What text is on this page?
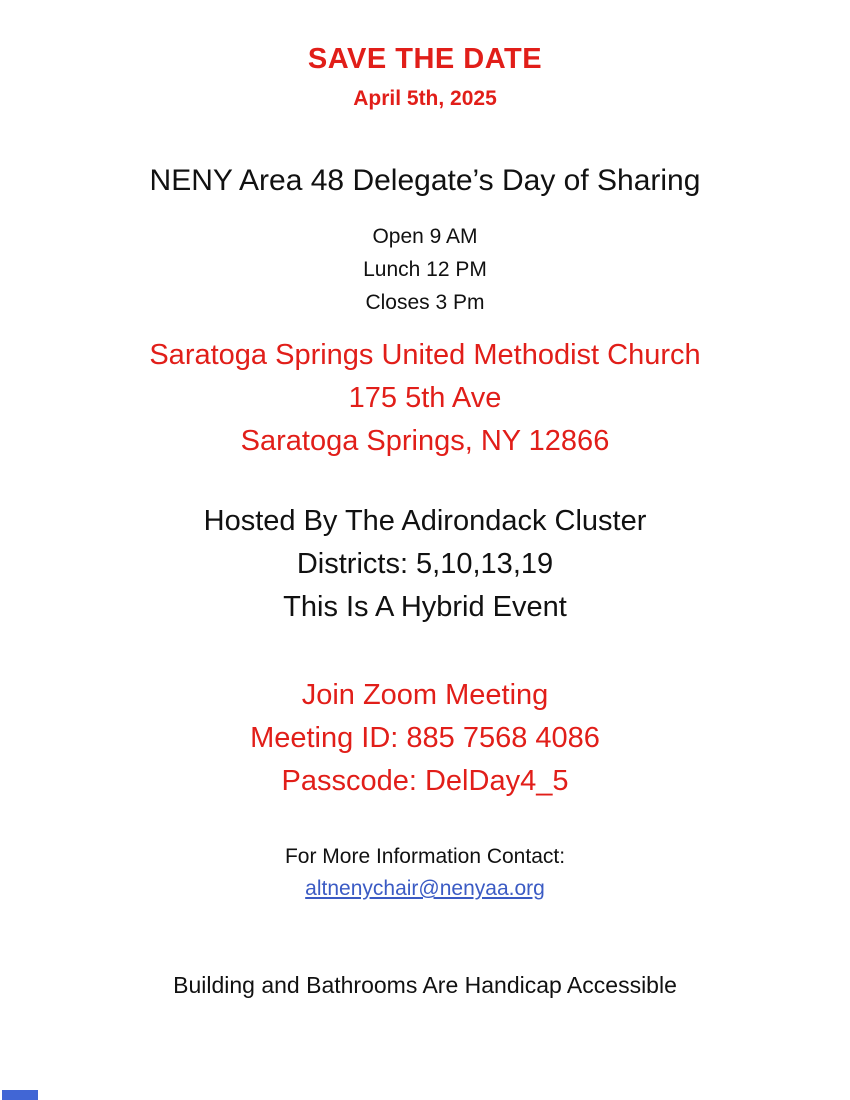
SAVE THE DATE
April 5th, 2025
NENY Area 48 Delegate’s Day of Sharing
Open 9 AM
Lunch 12 PM
Closes 3 Pm
Saratoga Springs United Methodist Church
175 5th Ave
Saratoga Springs, NY 12866
Hosted By The Adirondack Cluster
Districts: 5,10,13,19
This Is A Hybrid Event
Join Zoom Meeting
Meeting ID: 885 7568 4086
Passcode: DelDay4_5
For More Information Contact:
altnenychair@nenyaa.org
Building and Bathrooms Are Handicap Accessible
